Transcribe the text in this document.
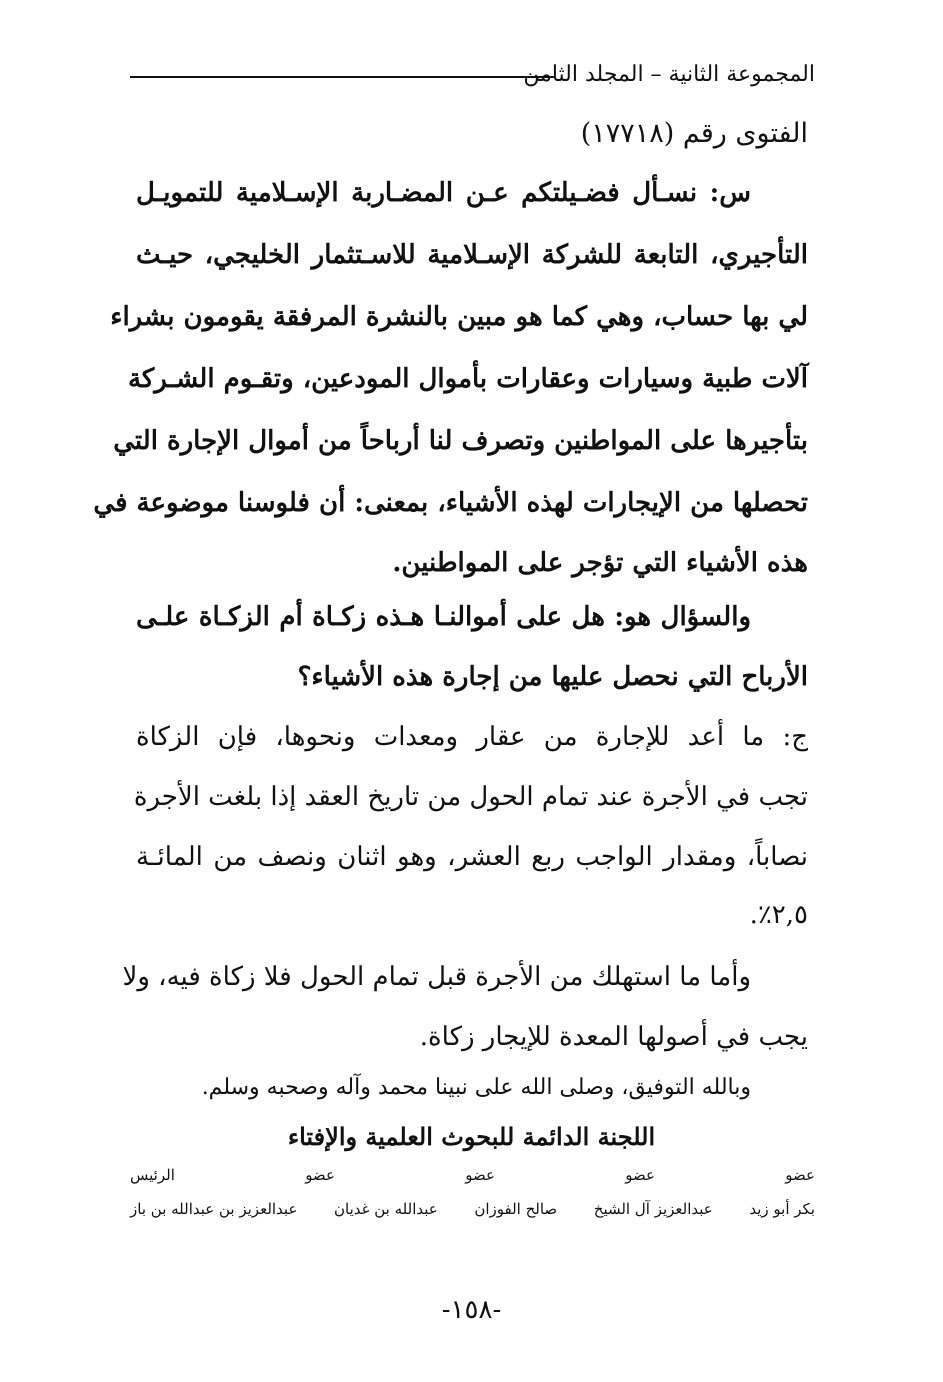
المجموعة الثانية – المجلد الثامن
الفتوى رقم (١٧٧١٨)
س: نسـأل فضـيلتكم عـن المضـاربة الإسـلامية للتمويـل
التأجيري، التابعة للشركة الإسـلامية للاسـتثمار الخليجي، حيـث
لي بها حساب، وهي كما هو مبين بالنشرة المرفقة يقومون بشراء
آلات طبية وسيارات وعقارات بأموال المودعين، وتقـوم الشـركة
بتأجيرها على المواطنين وتصرف لنا أرباحاً من أموال الإجارة التي
تحصلها من الإيجارات لهذه الأشياء، بمعنى: أن فلوسنا موضوعة في
هذه الأشياء التي تؤجر على المواطنين.
والسؤال هو: هل على أموالنـا هـذه زكـاة أم الزكـاة علـى
الأرباح التي نحصل عليها من إجارة هذه الأشياء؟
ج: ما أعد للإجارة من عقار ومعدات ونحوها، فإن الزكاة
تجب في الأجرة عند تمام الحول من تاريخ العقد إذا بلغت الأجرة
نصاباً، ومقدار الواجب ربع العشر، وهو اثنان ونصف من المائـة
٢,٥٪.
وأما ما استهلك من الأجرة قبل تمام الحول فلا زكاة فيه، ولا
يجب في أصولها المعدة للإيجار زكاة.
وبالله التوفيق، وصلى الله على نبينا محمد وآله وصحبه وسلم.
اللجنة الدائمة للبحوث العلمية والإفتاء
عضو
عضو
عضو
عضو
الرئيس
بكر أبو زيد
عبدالعزيز آل الشيخ
صالح الفوزان
عبدالله بن غديان
عبدالعزيز بن عبدالله بن باز
-١٥٨-
